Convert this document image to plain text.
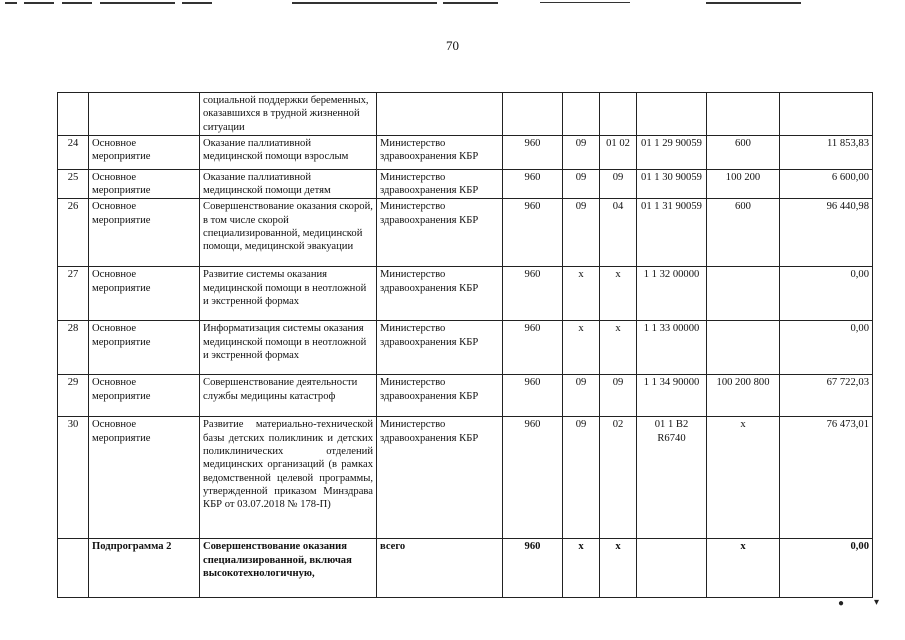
70
		социальной поддержки беременных, оказавшихся в трудной жизненной ситуации							
24	Основное мероприятие	Оказание паллиативной медицинской помощи взрослым	Министерство здравоохранения КБР	960	09	01 02	01 1 29 90059	600	11 853,83
25	Основное мероприятие	Оказание паллиативной медицинской помощи детям	Министерство здравоохранения КБР	960	09	09	01 1 30 90059	100 200	6 600,00
26	Основное мероприятие	Совершенствование оказания скорой, в том числе скорой специализированной, медицинской помощи, медицинской эвакуации	Министерство здравоохранения КБР	960	09	04	01 1 31 90059	600	96 440,98
27	Основное мероприятие	Развитие системы оказания медицинской помощи в неотложной и экстренной формах	Министерство здравоохранения КБР	960	x	x	1 1 32 00000		0,00
28	Основное мероприятие	Информатизация системы оказания медицинской помощи в неотложной и экстренной формах	Министерство здравоохранения КБР	960	x	x	1 1 33 00000		0,00
29	Основное мероприятие	Совершенствование деятельности службы медицины катастроф	Министерство здравоохранения КБР	960	09	09	1 1 34 90000	100 200 800	67 722,03
30	Основное мероприятие	Развитие материально-технической базы детских поликлиник и детских поликлинических отделений медицинских организаций (в рамках ведомственной целевой программы, утвержденной приказом Минздрава КБР от 03.07.2018 № 178-П)	Министерство здравоохранения КБР	960	09	02	01 1 B2 R6740	x	76 473,01
	Подпрограмма 2	Совершенствование оказания специализированной, включая высокотехнологичную,	всего	960	x	x		x	0,00
●	▾
